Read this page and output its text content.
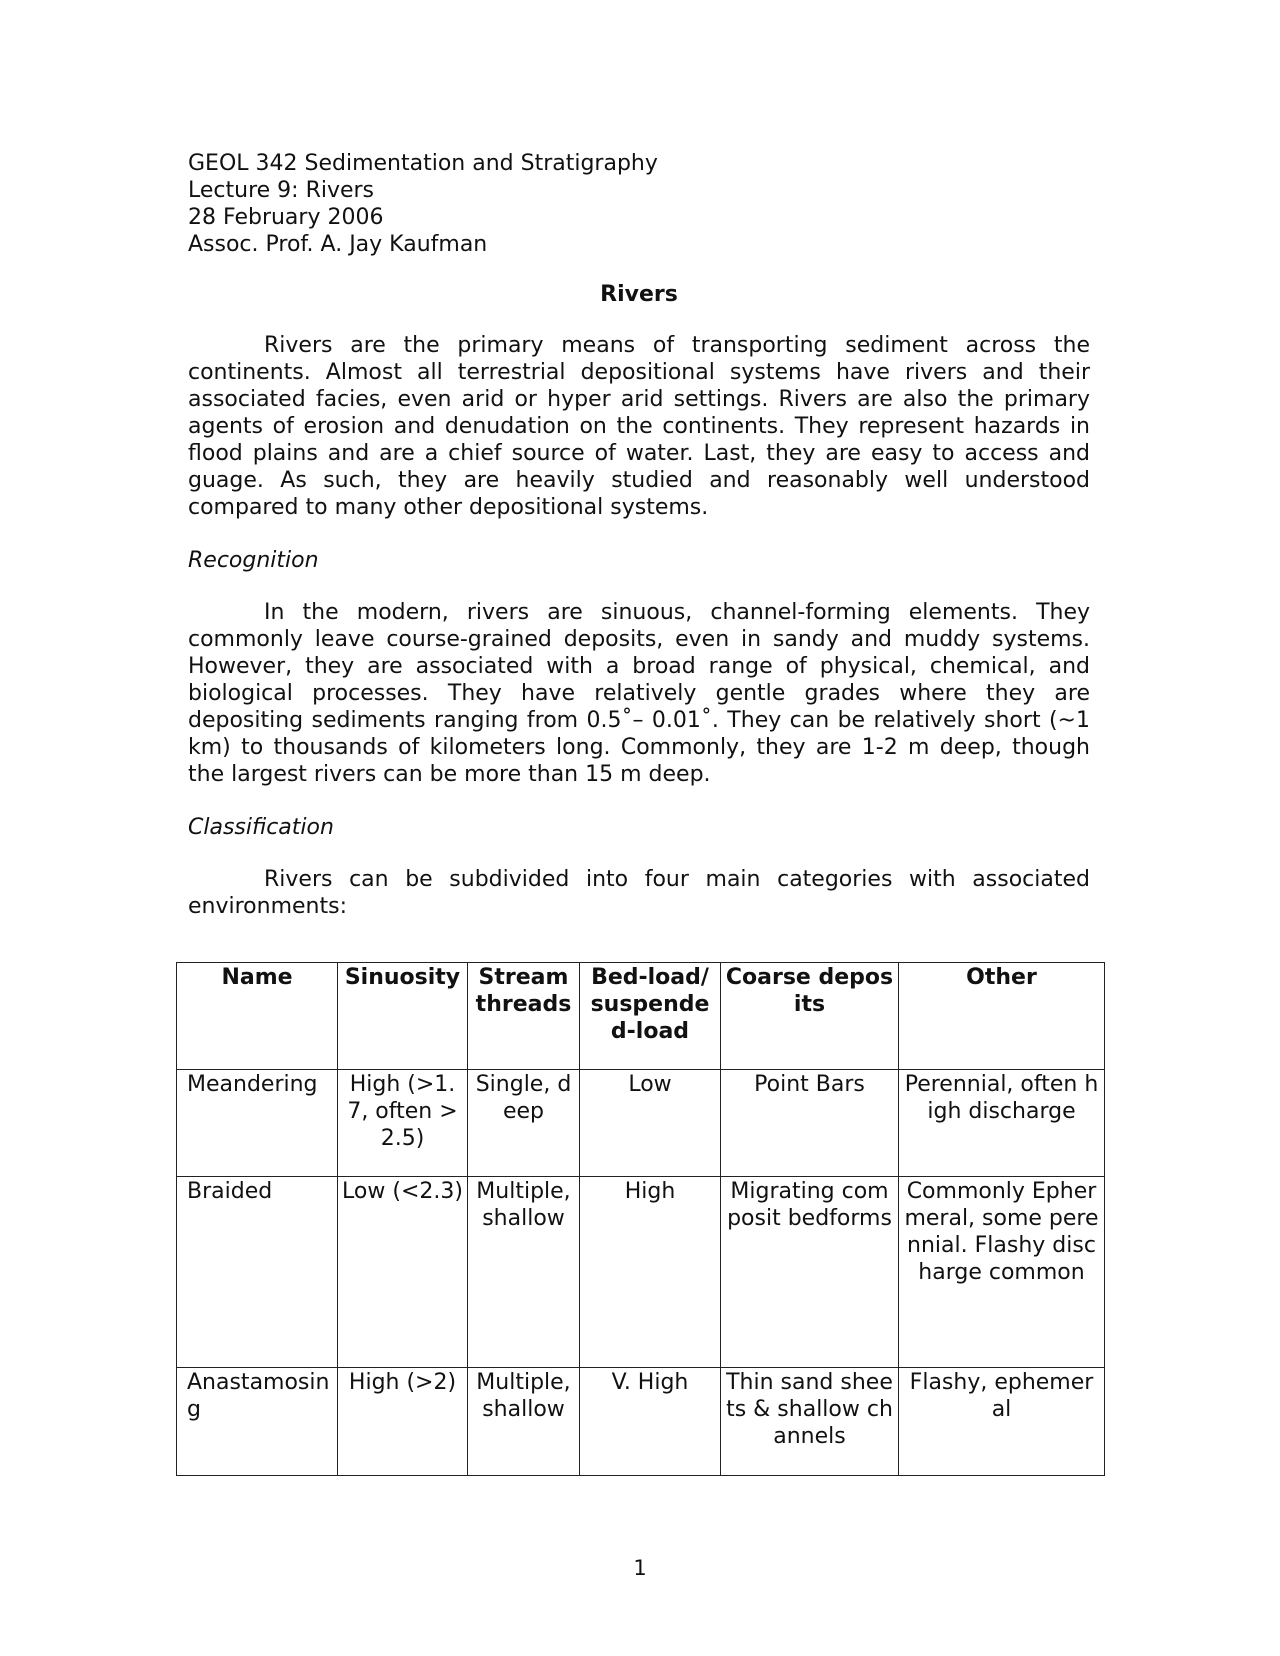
GEOL 342 Sedimentation and Stratigraphy
Lecture 9: Rivers
28 February 2006
Assoc. Prof. A. Jay Kaufman
Rivers

Rivers are the primary means of transporting sediment across the continents. Almost all terrestrial depositional systems have rivers and their associated facies, even arid or hyper arid settings. Rivers are also the primary agents of erosion and denudation on the continents. They represent hazards in flood plains and are a chief source of water. Last, they are easy to access and guage. As such, they are heavily studied and reasonably well understood compared to many other depositional systems.

Recognition

In the modern, rivers are sinuous, channel-forming elements. They commonly leave course-grained deposits, even in sandy and muddy systems. However, they are associated with a broad range of physical, chemical, and biological processes. They have relatively gentle grades where they are depositing sediments ranging from 0.5˚– 0.01˚. They can be relatively short (~1 km) to thousands of kilometers long. Commonly, they are 1-2 m deep, though the largest rivers can be more than 15 m deep.

Classification

Rivers can be subdivided into four main categories with associated environments:

Name	Sinuosity	Stream threads	Bed-load/ suspended-load	Coarse deposits	Other
Meandering	High (>1.7, often >2.5)	Single, deep	Low	Point Bars	Perennial, often high discharge
Braided	Low (<2.3)	Multiple, shallow	High	Migrating composit bedforms	Commonly Ephermeral, some perennial. Flashy discharge common
Anastamosing	High (>2)	Multiple, shallow	V. High	Thin sand sheets & shallow channels	Flashy, ephemeral
1
